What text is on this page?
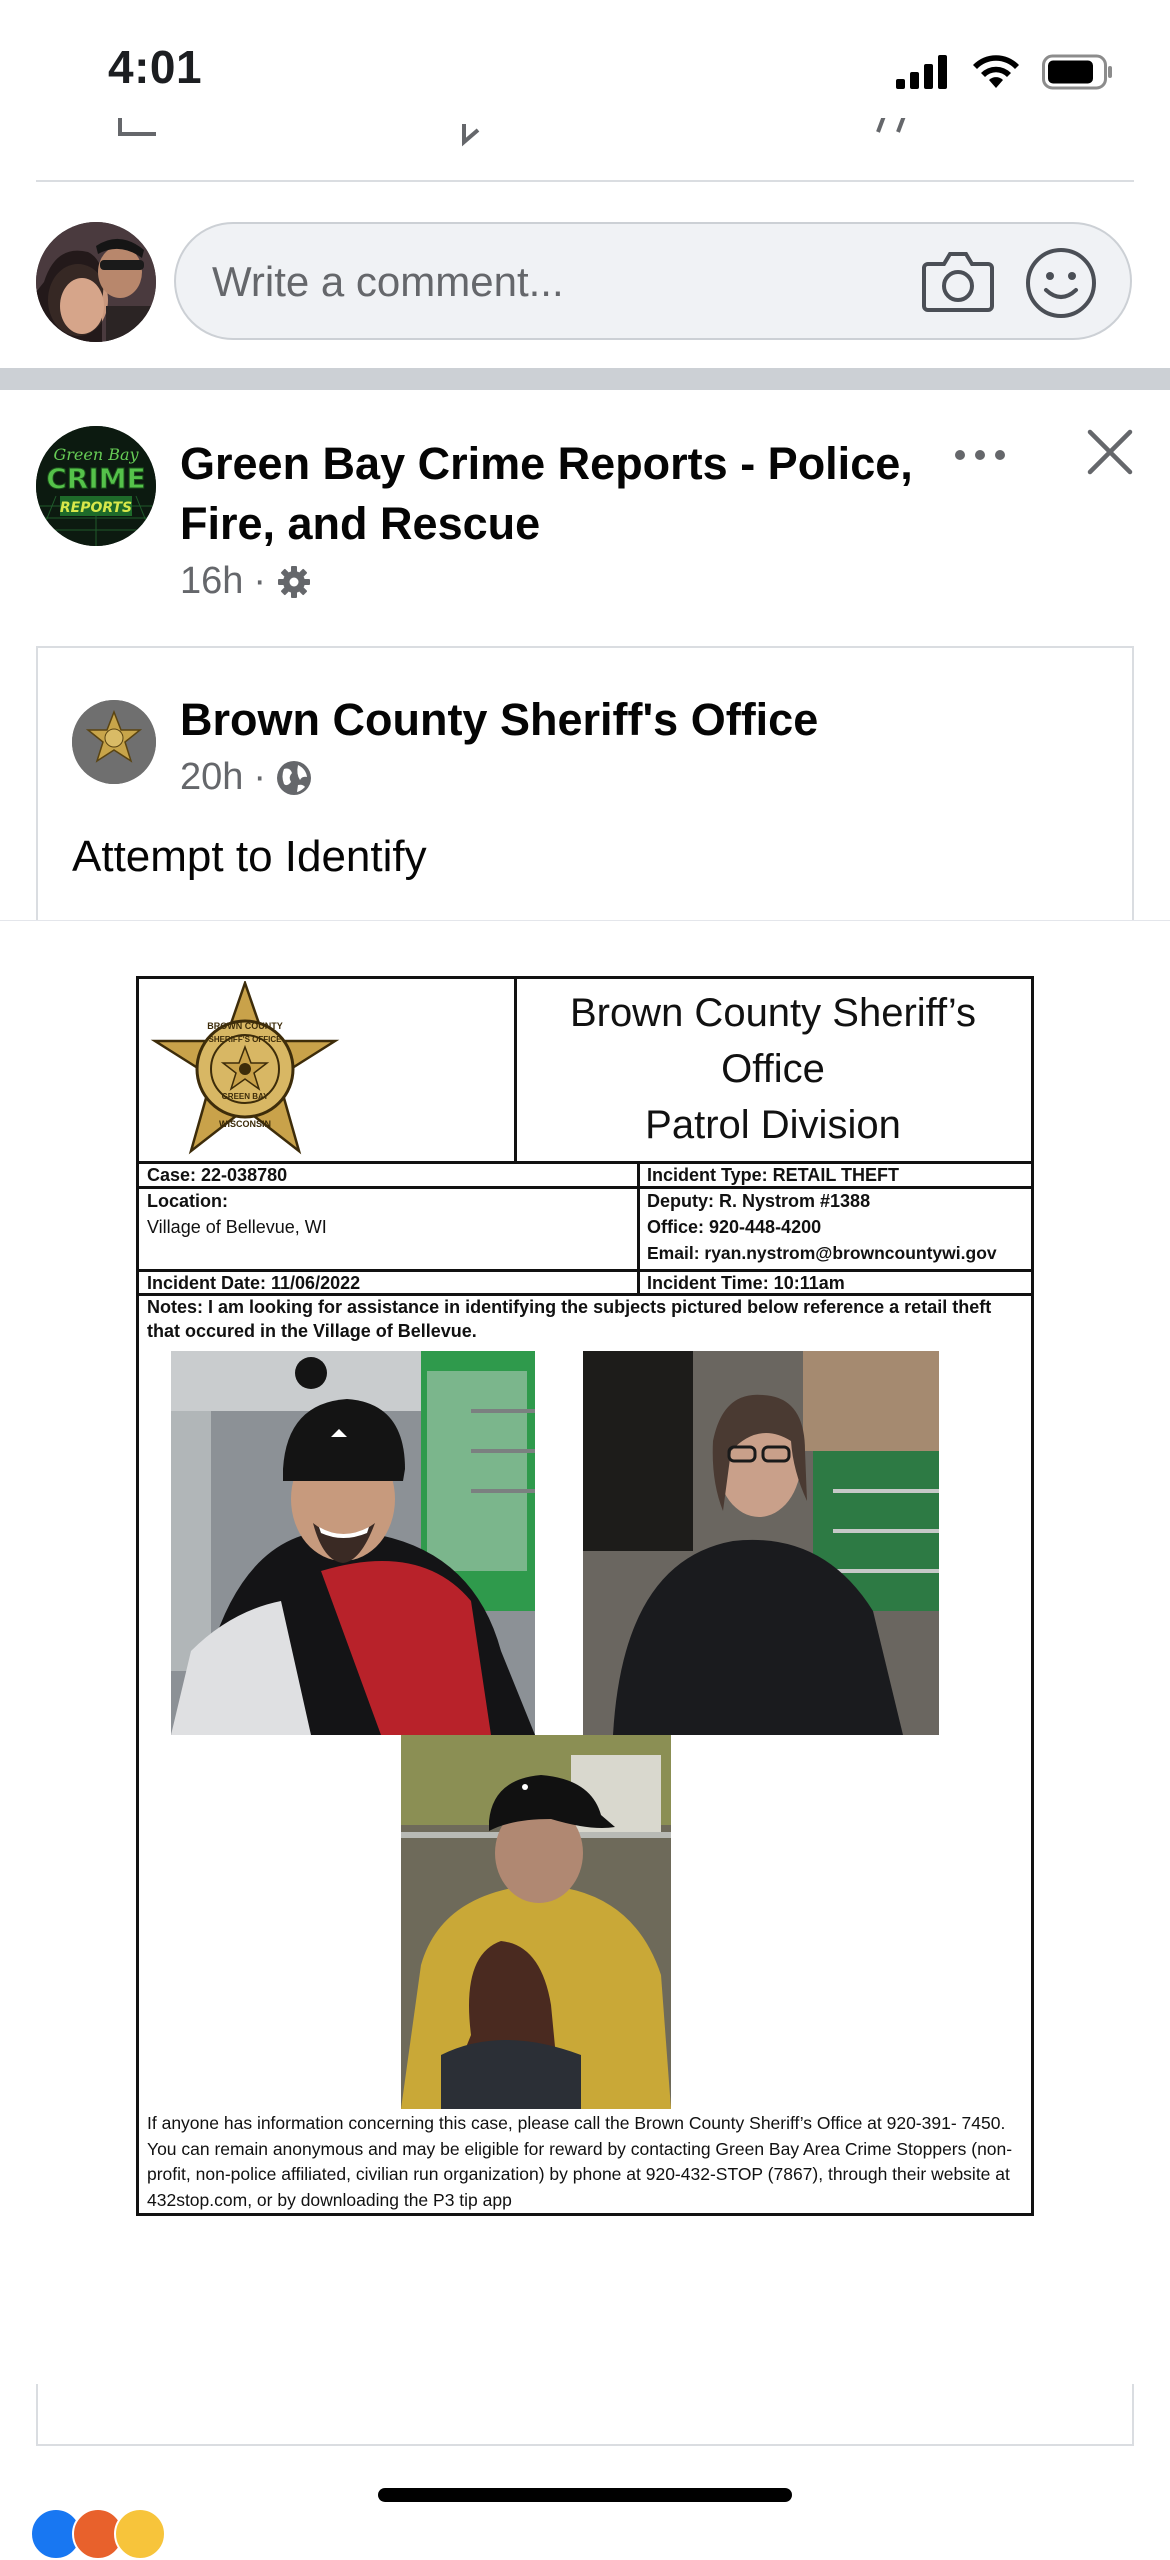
4:01
Write a comment...
Green Bay
CRIME
REPORTS
Green Bay Crime Reports - Police, Fire, and Rescue
16h ·
Brown County Sheriff's Office
20h ·
Attempt to Identify
BROWN COUNTY
SHERIFF'S OFFICE
GREEN BAY
WISCONSIN
Brown County Sheriff’s
Office
Patrol Division
Case: 22-038780
Location:
Village of Bellevue, WI
Incident Date: 11/06/2022
Incident Type: RETAIL THEFT
Deputy: R. Nystrom #1388
Office: 920-448-4200
Email: ryan.nystrom@browncountywi.gov
Incident Time: 10:11am
Notes: I am looking for assistance in identifying the subjects pictured below reference a retail theft that occured in the Village of Bellevue.
If anyone has information concerning this case, please call the Brown County Sheriff’s Office at 920-391- 7450. You can remain anonymous and may be eligible for reward by contacting Green Bay Area Crime Stoppers (non-profit, non-police affiliated, civilian run organization) by phone at 920-432-STOP (7867), through their website at 432stop.com, or by downloading the P3 tip app
